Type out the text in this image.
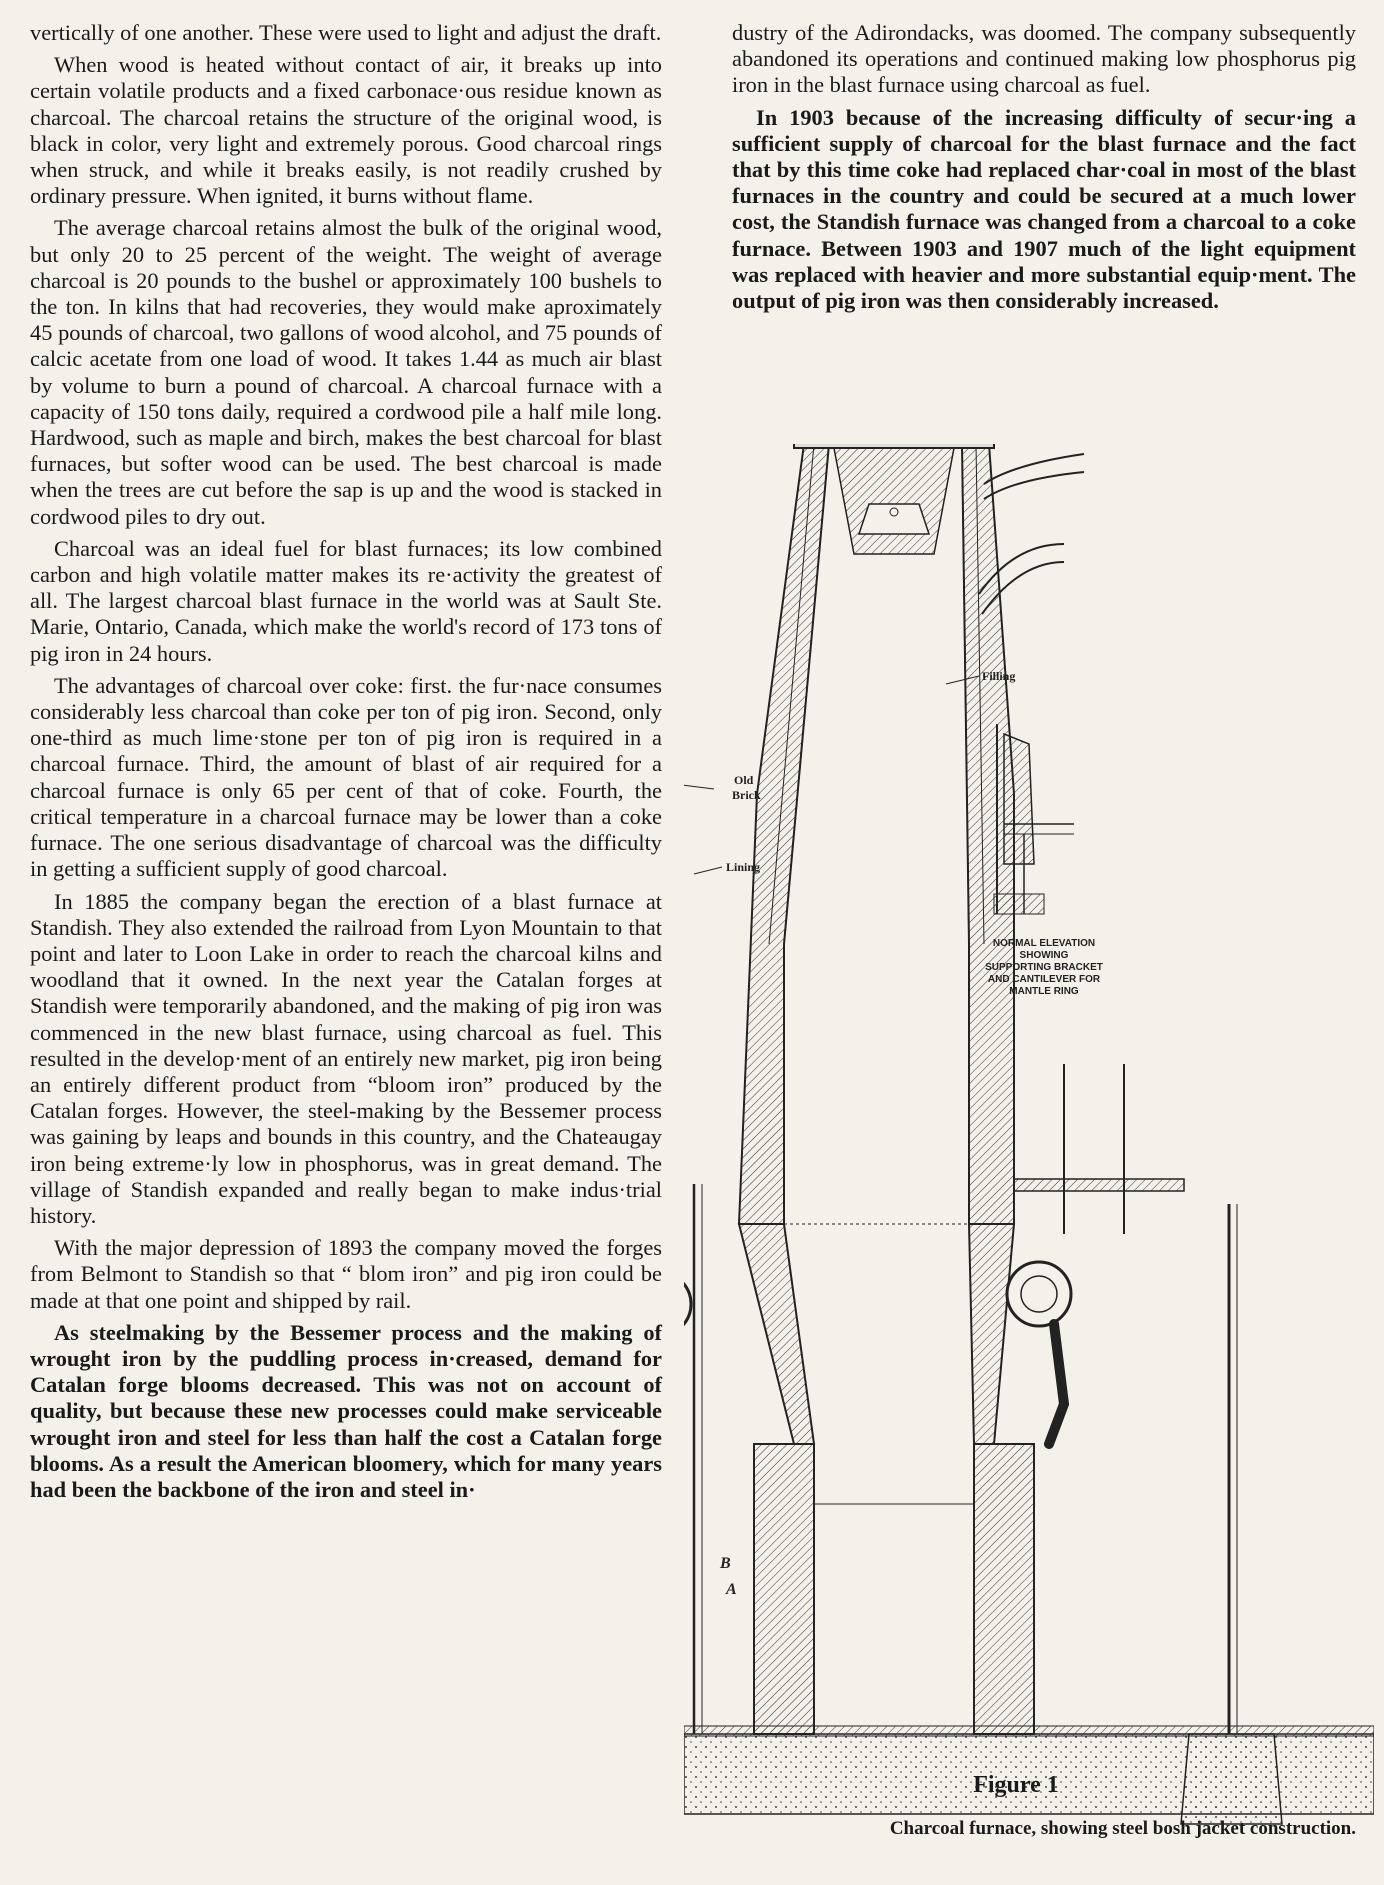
vertically of one another. These were used to light and adjust the draft.

When wood is heated without contact of air, it breaks up into certain volatile products and a fixed carbonace·ous residue known as charcoal. The charcoal retains the structure of the original wood, is black in color, very light and extremely porous. Good charcoal rings when struck, and while it breaks easily, is not readily crushed by ordinary pressure. When ignited, it burns without flame.

The average charcoal retains almost the bulk of the original wood, but only 20 to 25 percent of the weight. The weight of average charcoal is 20 pounds to the bushel or approximately 100 bushels to the ton. In kilns that had recoveries, they would make aproximately 45 pounds of charcoal, two gallons of wood alcohol, and 75 pounds of calcic acetate from one load of wood. It takes 1.44 as much air blast by volume to burn a pound of charcoal. A charcoal furnace with a capacity of 150 tons daily, required a cordwood pile a half mile long. Hardwood, such as maple and birch, makes the best charcoal for blast furnaces, but softer wood can be used. The best charcoal is made when the trees are cut before the sap is up and the wood is stacked in cordwood piles to dry out.

Charcoal was an ideal fuel for blast furnaces; its low combined carbon and high volatile matter makes its re·activity the greatest of all. The largest charcoal blast furnace in the world was at Sault Ste. Marie, Ontario, Canada, which make the world's record of 173 tons of pig iron in 24 hours.

The advantages of charcoal over coke: first. the fur·nace consumes considerably less charcoal than coke per ton of pig iron. Second, only one-third as much lime·stone per ton of pig iron is required in a charcoal furnace. Third, the amount of blast of air required for a charcoal furnace is only 65 per cent of that of coke. Fourth, the critical temperature in a charcoal furnace may be lower than a coke furnace. The one serious disadvantage of charcoal was the difficulty in getting a sufficient supply of good charcoal.

In 1885 the company began the erection of a blast furnace at Standish. They also extended the railroad from Lyon Mountain to that point and later to Loon Lake in order to reach the charcoal kilns and woodland that it owned. In the next year the Catalan forges at Standish were temporarily abandoned, and the making of pig iron was commenced in the new blast furnace, using charcoal as fuel. This resulted in the develop·ment of an entirely new market, pig iron being an entirely different product from “bloom iron” produced by the Catalan forges. However, the steel-making by the Bessemer process was gaining by leaps and bounds in this country, and the Chateaugay iron being extreme·ly low in phosphorus, was in great demand. The village of Standish expanded and really began to make indus·trial history.

With the major depression of 1893 the company moved the forges from Belmont to Standish so that “ blom iron” and pig iron could be made at that one point and shipped by rail.

As steelmaking by the Bessemer process and the making of wrought iron by the puddling process in·creased, demand for Catalan forge blooms decreased. This was not on account of quality, but because these new processes could make serviceable wrought iron and steel for less than half the cost a Catalan forge blooms. As a result the American bloomery, which for many years had been the backbone of the iron and steel in·

dustry of the Adirondacks, was doomed. The company subsequently abandoned its operations and continued making low phosphorus pig iron in the blast furnace using charcoal as fuel.

In 1903 because of the increasing difficulty of secur·ing a sufficient supply of charcoal for the blast furnace and the fact that by this time coke had replaced char·coal in most of the blast furnaces in the country and could be secured at a much lower cost, the Standish furnace was changed from a charcoal to a coke furnace. Between 1903 and 1907 much of the light equipment was replaced with heavier and more substantial equip·ment. The output of pig iron was then considerably increased.

Filling
Old
Brick
Lining
NORMAL ELEVATION
SHOWING
SUPPORTING BRACKET
AND CANTILEVER FOR
MANTLE RING
B
A
Figure 1
Charcoal furnace, showing steel bosh jacket construction.
